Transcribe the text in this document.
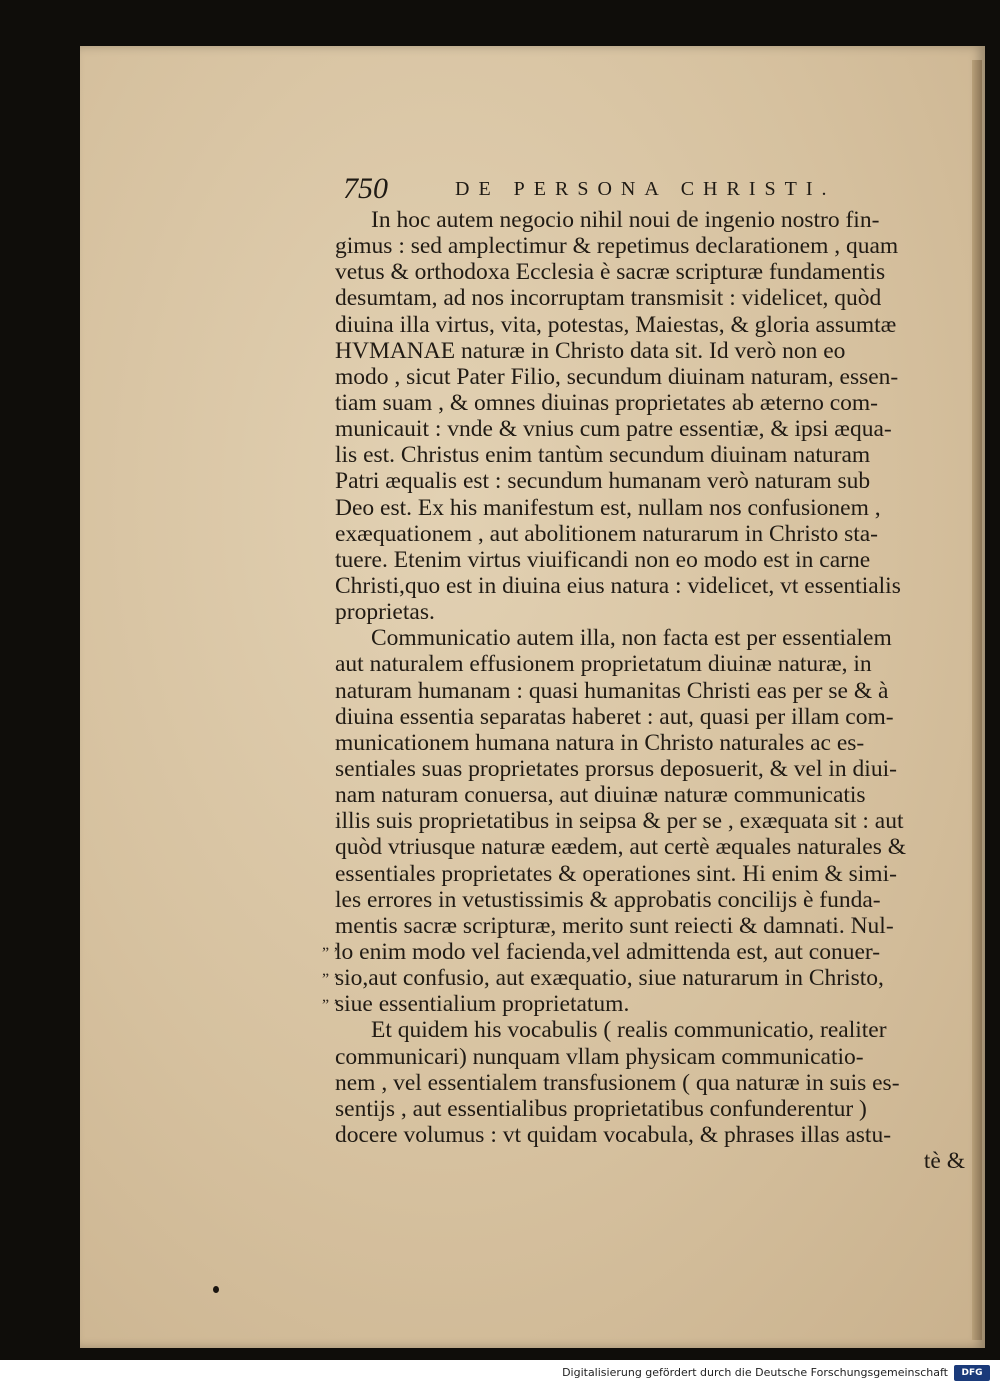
750	DE PERSONA CHRISTI.
In hoc autem negocio nihil noui de ingenio nostro fin-
gimus : sed amplectimur & repetimus declarationem , quam
vetus & orthodoxa Ecclesia è sacræ scripturæ fundamentis
desumtam, ad nos incorruptam transmisit : videlicet, quòd
diuina illa virtus, vita, potestas, Maiestas, & gloria assumtæ
HVMANAE naturæ in Christo data sit. Id verò non eo
modo , sicut Pater Filio, secundum diuinam naturam, essen-
tiam suam , & omnes diuinas proprietates ab æterno com-
municauit : vnde & vnius cum patre essentiæ, & ipsi æqua-
lis est. Christus enim tantùm secundum diuinam naturam
Patri æqualis est : secundum humanam verò naturam sub
Deo est. Ex his manifestum est, nullam nos confusionem ,
exæquationem , aut abolitionem naturarum in Christo sta-
tuere. Etenim virtus viuificandi non eo modo est in carne
Christi,quo est in diuina eius natura : videlicet, vt essentialis
proprietas.
Communicatio autem illa, non facta est per essentialem
aut naturalem effusionem proprietatum diuinæ naturæ, in
naturam humanam : quasi humanitas Christi eas per se & à
diuina essentia separatas haberet : aut, quasi per illam com-
municationem humana natura in Christo naturales ac es-
sentiales suas proprietates prorsus deposuerit, & vel in diui-
nam naturam conuersa, aut diuinæ naturæ communicatis
illis suis proprietatibus in seipsa & per se , exæquata sit : aut
quòd vtriusque naturæ eædem, aut certè æquales naturales &
essentiales proprietates & operationes sint. Hi enim & simi-
les errores in vetustissimis & approbatis concilijs è funda-
mentis sacræ scripturæ, merito sunt reiecti & damnati. Nul-
lo enim modo vel facienda,vel admittenda est, aut conuer-
sio,aut confusio, aut exæquatio, siue naturarum in Christo,
siue essentialium proprietatum.
Et quidem his vocabulis ( realis communicatio, realiter
communicari) nunquam vllam physicam communicatio-
nem , vel essentialem transfusionem ( qua naturæ in suis es-
sentijs , aut essentialibus proprietatibus confunderentur )
docere volumus : vt quidam vocabula, & phrases illas astu-
tè &
„ ‚
„ ‚
„ ‚
Digitalisierung gefördert durch die Deutsche Forschungsgemeinschaft	DFG
